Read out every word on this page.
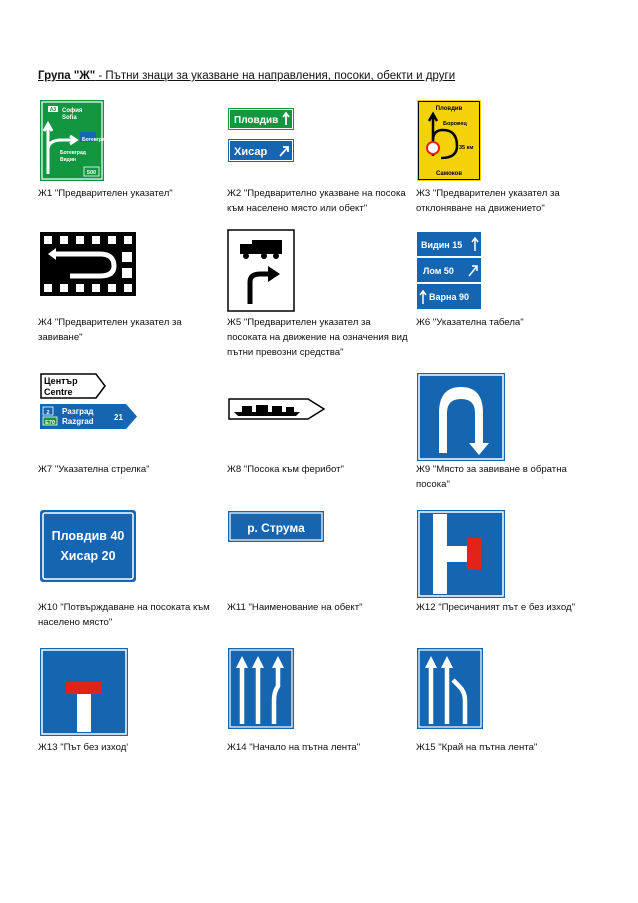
Група "Ж" - Пътни знаци за указване на направления, посоки, обекти и други
A3 София
Sofia
Ботевград
Ботевград
Видин
500
Ж1 "Предварителен указател"
Пловдив
Хисар
Ж2 "Предварително указване на посока към населено място или обект"
Пловдив
Боровец
35 км
Самоков
Ж3 "Предварителен указател за отклоняване на движението"
Ж4 "Предварителен указател за завиване"
Ж5 "Предварителен указател за посоката на движение на означения вид пътни превозни средства"
Видин 15
Лом 50
Варна 90
Ж6 "Указателна табела"
Център
Centre
2
E70
Разград
Razgrad	21
Ж7 "Указателна стрелка"	Ж8 "Посока към ферибот"	Ж9 "Място за завиване в обратна посока"
Пловдив 40
Хисар 20
Ж10 "Потвърждаване на посоката към населено място"
р. Струма
Ж11 "Наименование на обект"	Ж12 "Пресичаният път е без изход"
Ж13 "Път без изход'	Ж14 "Начало на пътна лента"	Ж15 "Край на пътна лента"
